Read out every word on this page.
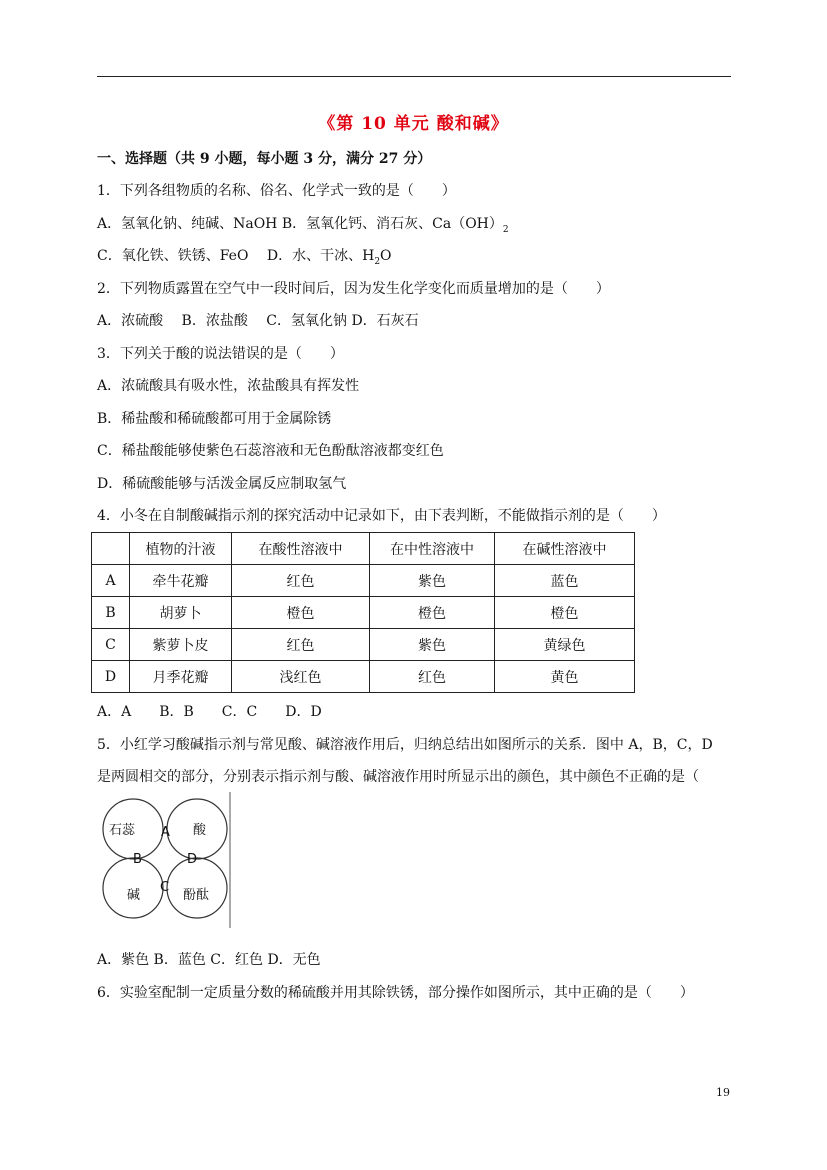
《第 10 单元 酸和碱》
一、选择题（共 9 小题，每小题 3 分，满分 27 分）
1．下列各组物质的名称、俗名、化学式一致的是（　　）
A．氢氧化钠、纯碱、NaOH B．氢氧化钙、消石灰、$Ca(OH)_2$
C．氧化铁、铁锈、FeO　 D．水、干冰、$H_2O$
2．下列物质露置在空气中一段时间后，因为发生化学变化而质量增加的是（　　）
A．浓硫酸　 B．浓盐酸　 C．氢氧化钠 D．石灰石
3．下列关于酸的说法错误的是（　　）
A．浓硫酸具有吸水性，浓盐酸具有挥发性
B．稀盐酸和稀硫酸都可用于金属除锈
C．稀盐酸能够使紫色石蕊溶液和无色酚酞溶液都变红色
D．稀硫酸能够与活泼金属反应制取氢气
4．小冬在自制酸碱指示剂的探究活动中记录如下，由下表判断，不能做指示剂的是（　　）
	植物的汁液	在酸性溶液中	在中性溶液中	在碱性溶液中
A	牵牛花瓣	红色	紫色	蓝色
B	胡萝卜	橙色	橙色	橙色
C	紫萝卜皮	红色	紫色	黄绿色
D	月季花瓣	浅红色	红色	黄色
A．A　　B．B　　C．C　　D．D
5．小红学习酸碱指示剂与常见酸、碱溶液作用后，归纳总结出如图所示的关系．图中 A，B，C，D
是两圆相交的部分，分别表示指示剂与酸、碱溶液作用时所显示出的颜色，其中颜色不正确的是（
石蕊 A 酸
B	D
碱
C
酚酞
A．紫色 B．蓝色 C．红色 D．无色
6．实验室配制一定质量分数的稀硫酸并用其除铁锈，部分操作如图所示，其中正确的是（　　）
19
